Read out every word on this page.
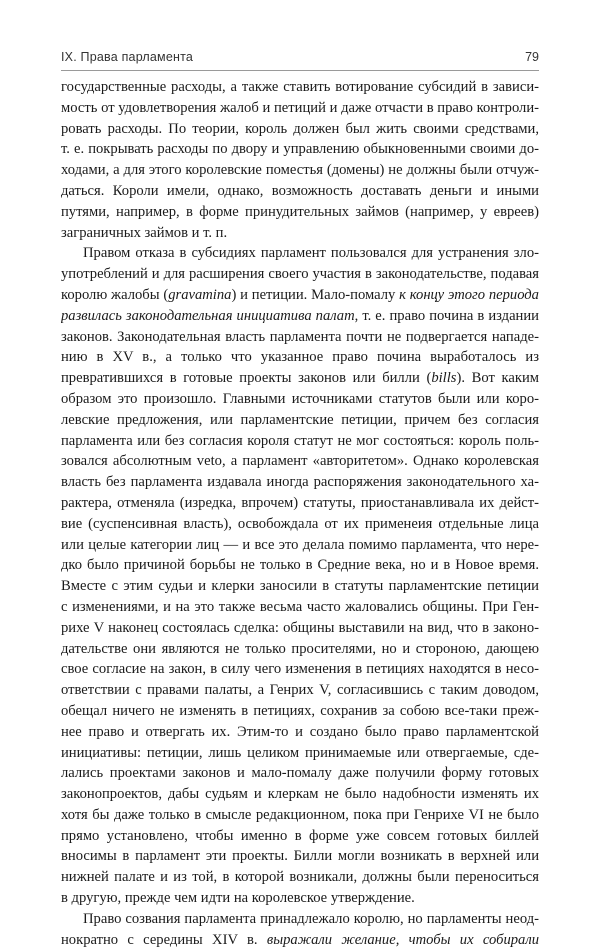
IX. Права парламента	79
государственные расходы, а также ставить вотирование субсидий в зависи-
мость от удовлетворения жалоб и петиций и даже отчасти в право контроли-
ровать расходы. По теории, король должен был жить своими средствами,
т. е. покрывать расходы по двору и управлению обыкновенными своими до-
ходами, а для этого королевские поместья (домены) не должны были отчуж-
даться. Короли имели, однако, возможность доставать деньги и иными
путями, например, в форме принудительных займов (например, у евреев)
заграничных займов и т. п.
Правом отказа в субсидиях парламент пользовался для устранения зло-
употреблений и для расширения своего участия в законодательстве, подавая
королю жалобы (gravamina) и петиции. Мало-помалу к концу этого периода
развилась законодательная инициатива палат, т. е. право почина в издании
законов. Законодательная власть парламента почти не подвергается нападе-
нию в XV в., а только что указанное право почина выработалось из
превратившихся в готовые проекты законов или билли (bills). Вот каким
образом это произошло. Главными источниками статутов были или коро-
левские предложения, или парламентские петиции, причем без согласия
парламента или без согласия короля статут не мог состояться: король поль-
зовался абсолютным veto, а парламент «авторитетом». Однако королевская
власть без парламента издавала иногда распоряжения законодательного ха-
рактера, отменяла (изредка, впрочем) статуты, приостанавливала их дейст-
вие (суспенсивная власть), освобождала от их применеия отдельные лица
или целые категории лиц — и все это делала помимо парламента, что нере-
дко было причиной борьбы не только в Средние века, но и в Новое время.
Вместе с этим судьи и клерки заносили в статуты парламентские петиции
с изменениями, и на это также весьма часто жаловались общины. При Ген-
рихе V наконец состоялась сделка: общины выставили на вид, что в законо-
дательстве они являются не только просителями, но и стороною, дающею
свое согласие на закон, в силу чего изменения в петициях находятся в несо-
ответствии с правами палаты, а Генрих V, согласившись с таким доводом,
обещал ничего не изменять в петициях, сохранив за собою все-таки преж-
нее право и отвергать их. Этим-то и создано было право парламентской
инициативы: петиции, лишь целиком принимаемые или отвергаемые, сде-
лались проектами законов и мало-помалу даже получили форму готовых
законопроектов, дабы судьям и клеркам не было надобности изменять их
хотя бы даже только в смысле редакционном, пока при Генрихе VI не было
прямо установлено, чтобы именно в форме уже совсем готовых биллей
вносимы в парламент эти проекты. Билли могли возникать в верхней или
нижней палате и из той, в которой возникали, должны были переноситься
в другую, прежде чем идти на королевское утверждение.
Право созвания парламента принадлежало королю, но парламенты неод-
нократно с середины XIV в. выражали желание, чтобы их собирали
